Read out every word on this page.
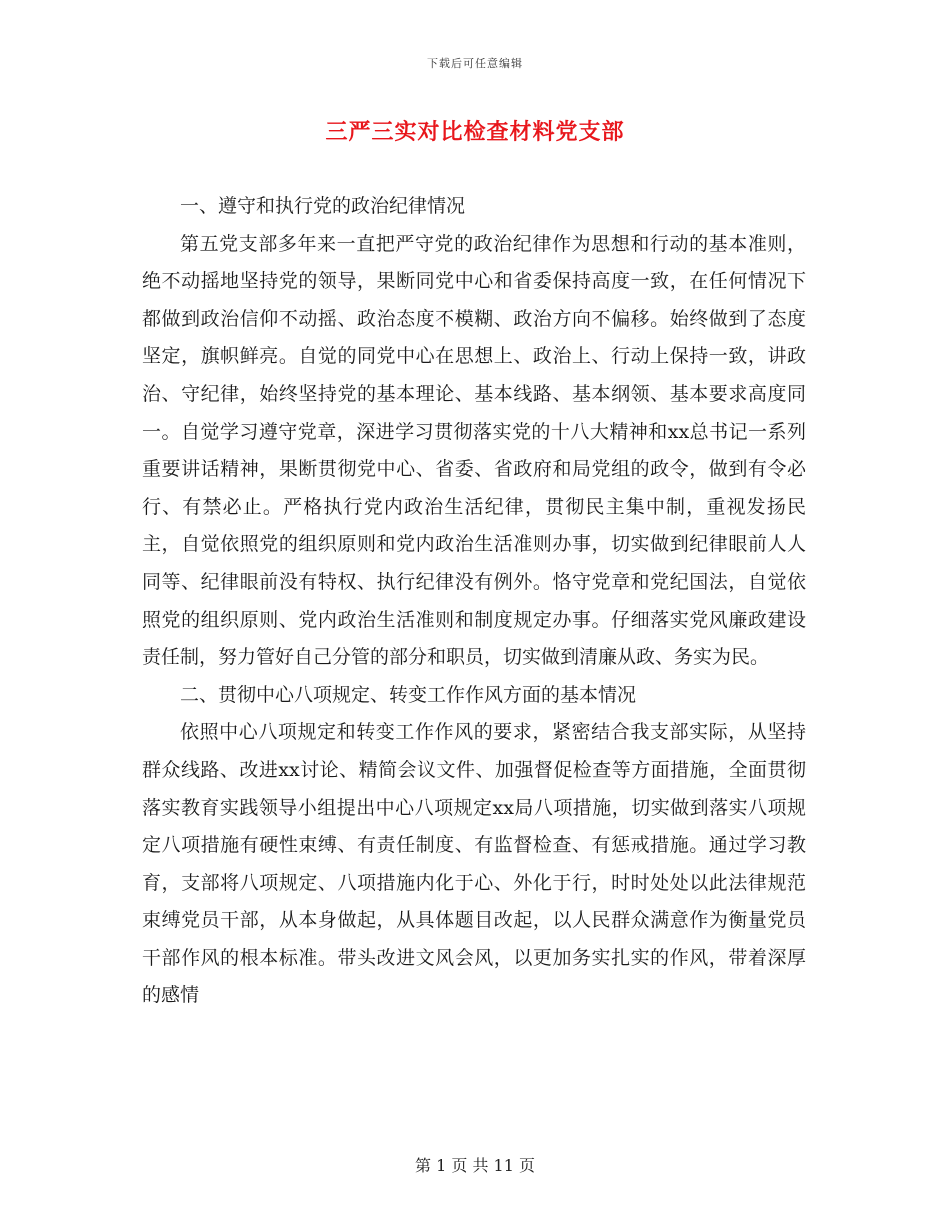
下载后可任意编辑
三严三实对比检查材料党支部

一、遵守和执行党的政治纪律情况

第五党支部多年来一直把严守党的政治纪律作为思想和行动的基本准则，绝不动摇地坚持党的领导，果断同党中心和省委保持高度一致，在任何情况下都做到政治信仰不动摇、政治态度不模糊、政治方向不偏移。始终做到了态度坚定，旗帜鲜亮。自觉的同党中心在思想上、政治上、行动上保持一致，讲政治、守纪律，始终坚持党的基本理论、基本线路、基本纲领、基本要求高度同一。自觉学习遵守党章，深进学习贯彻落实党的十八大精神和xx总书记一系列重要讲话精神，果断贯彻党中心、省委、省政府和局党组的政令，做到有令必行、有禁必止。严格执行党内政治生活纪律，贯彻民主集中制，重视发扬民主，自觉依照党的组织原则和党内政治生活准则办事，切实做到纪律眼前人人同等、纪律眼前没有特权、执行纪律没有例外。恪守党章和党纪国法，自觉依照党的组织原则、党内政治生活准则和制度规定办事。仔细落实党风廉政建设责任制，努力管好自己分管的部分和职员，切实做到清廉从政、务实为民。

二、贯彻中心八项规定、转变工作作风方面的基本情况

依照中心八项规定和转变工作作风的要求，紧密结合我支部实际，从坚持群众线路、改进xx讨论、精简会议文件、加强督促检查等方面措施，全面贯彻落实教育实践领导小组提出中心八项规定xx局八项措施，切实做到落实八项规定八项措施有硬性束缚、有责任制度、有监督检查、有惩戒措施。通过学习教育，支部将八项规定、八项措施内化于心、外化于行，时时处处以此法律规范束缚党员干部，从本身做起，从具体题目改起，以人民群众满意作为衡量党员干部作风的根本标准。带头改进文风会风，以更加务实扎实的作风，带着深厚的感情

第 1 页 共 11 页
